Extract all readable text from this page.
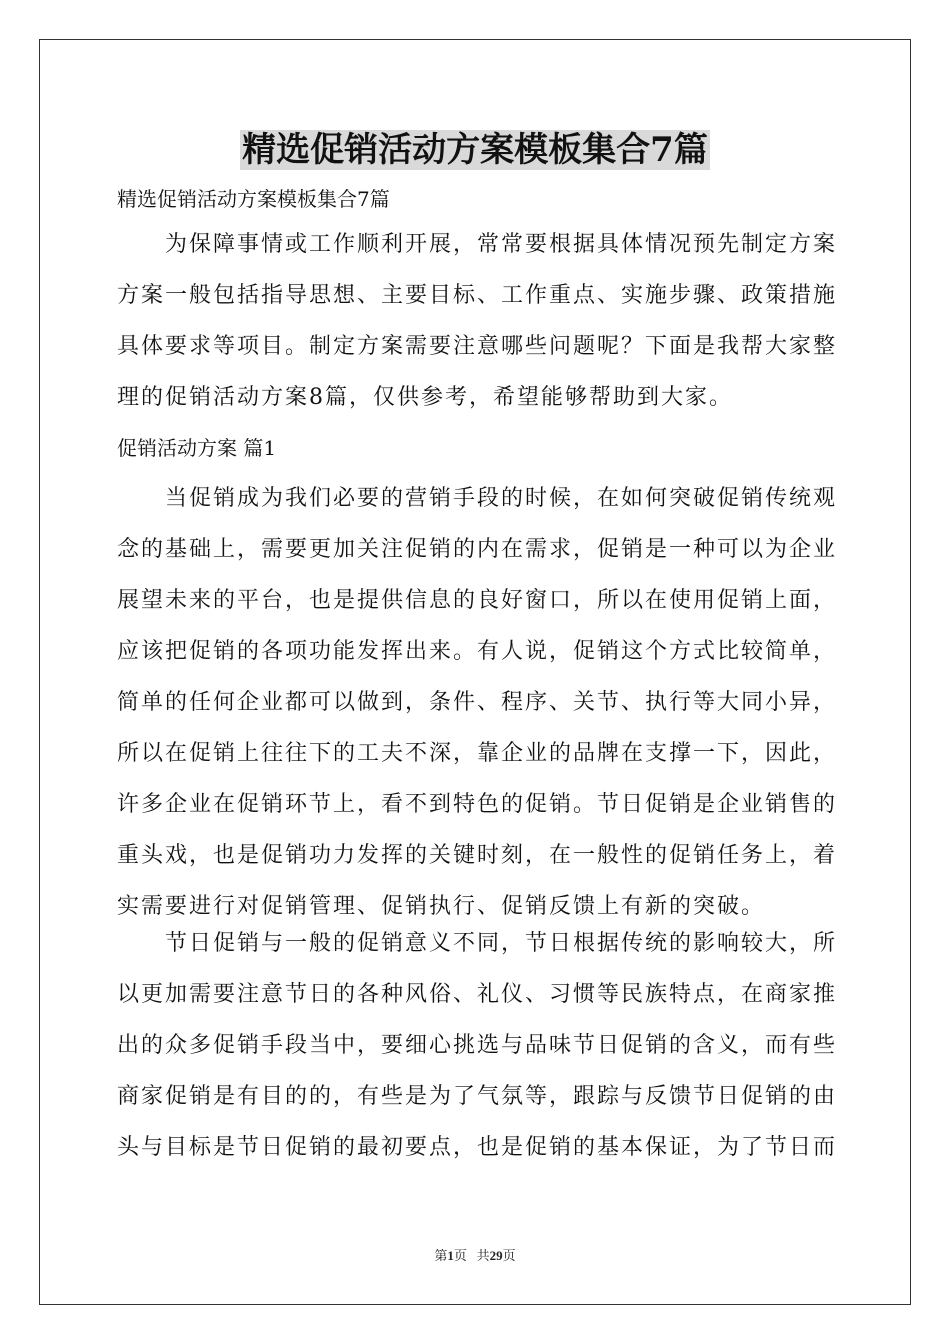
精选促销活动方案模板集合7篇
精选促销活动方案模板集合7篇
　　为保障事情或工作顺利开展，常常要根据具体情况预先制定方案
方案一般包括指导思想、主要目标、工作重点、实施步骤、政策措施
具体要求等项目。制定方案需要注意哪些问题呢？下面是我帮大家整
理的促销活动方案8篇，仅供参考，希望能够帮助到大家。
促销活动方案 篇1
　　当促销成为我们必要的营销手段的时候，在如何突破促销传统观
念的基础上，需要更加关注促销的内在需求，促销是一种可以为企业
展望未来的平台，也是提供信息的良好窗口，所以在使用促销上面，
应该把促销的各项功能发挥出来。有人说，促销这个方式比较简单，
简单的任何企业都可以做到，条件、程序、关节、执行等大同小异，
所以在促销上往往下的工夫不深，靠企业的品牌在支撑一下，因此，
许多企业在促销环节上，看不到特色的促销。节日促销是企业销售的
重头戏，也是促销功力发挥的关键时刻，在一般性的促销任务上，着
实需要进行对促销管理、促销执行、促销反馈上有新的突破。
　　节日促销与一般的促销意义不同，节日根据传统的影响较大，所
以更加需要注意节日的各种风俗、礼仪、习惯等民族特点，在商家推
出的众多促销手段当中，要细心挑选与品味节日促销的含义，而有些
商家促销是有目的的，有些是为了气氛等，跟踪与反馈节日促销的由
头与目标是节日促销的最初要点，也是促销的基本保证，为了节日而
第1页 共29页
